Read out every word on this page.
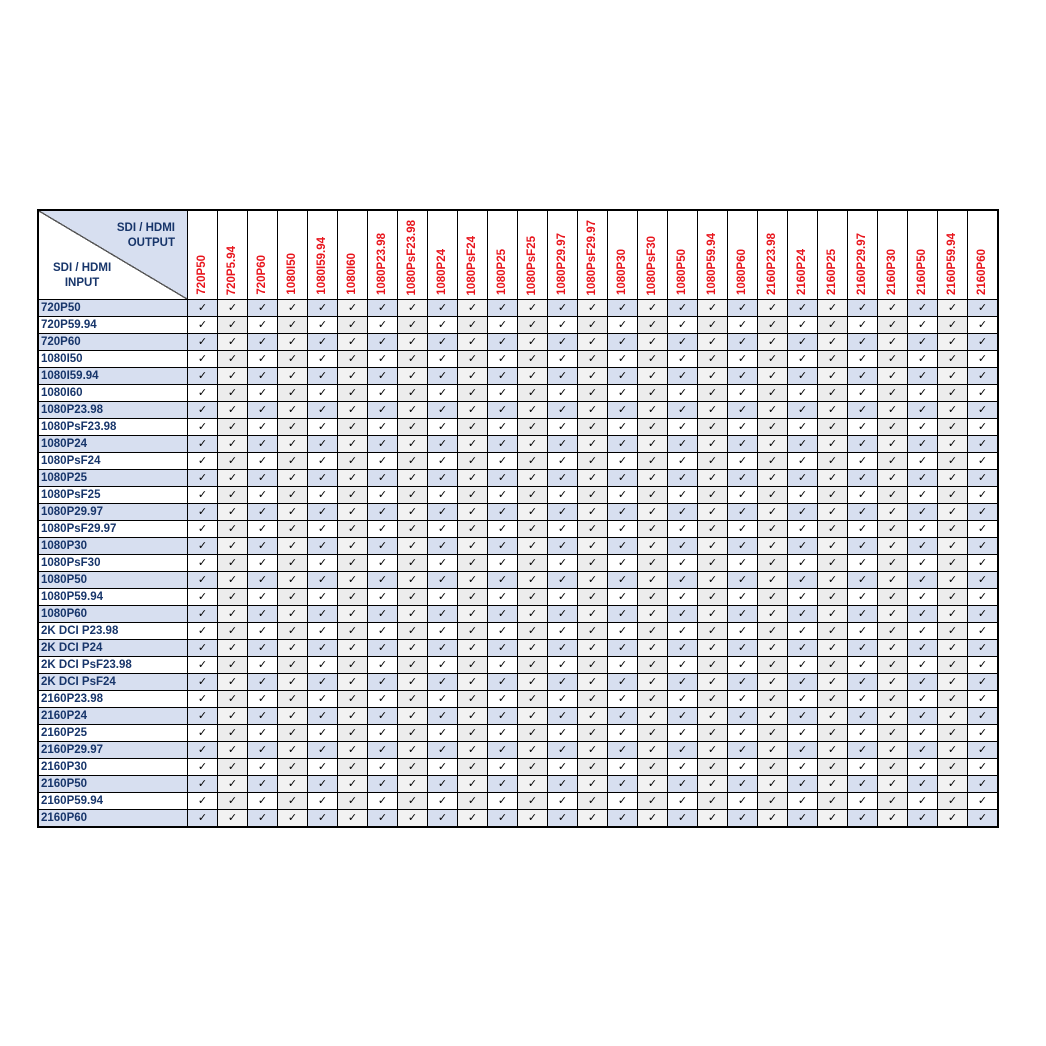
SDI / HDMI
OUTPUT
SDI / HDMI
INPUT	720P50	720P5.94	720P60	1080I50	1080I59.94	1080I60	1080P23.98	1080PsF23.98	1080P24	1080PsF24	1080P25	1080PsF25	1080P29.97	1080PsF29.97	1080P30	1080PsF30	1080P50	1080P59.94	1080P60	2160P23.98	2160P24	2160P25	2160P29.97	2160P30	2160P50	2160P59.94	2160P60

720P50	✓	✓	✓	✓	✓	✓	✓	✓	✓	✓	✓	✓	✓	✓	✓	✓	✓	✓	✓	✓	✓	✓	✓	✓	✓	✓	✓
720P59.94	✓	✓	✓	✓	✓	✓	✓	✓	✓	✓	✓	✓	✓	✓	✓	✓	✓	✓	✓	✓	✓	✓	✓	✓	✓	✓	✓
720P60	✓	✓	✓	✓	✓	✓	✓	✓	✓	✓	✓	✓	✓	✓	✓	✓	✓	✓	✓	✓	✓	✓	✓	✓	✓	✓	✓
1080I50	✓	✓	✓	✓	✓	✓	✓	✓	✓	✓	✓	✓	✓	✓	✓	✓	✓	✓	✓	✓	✓	✓	✓	✓	✓	✓	✓
1080I59.94	✓	✓	✓	✓	✓	✓	✓	✓	✓	✓	✓	✓	✓	✓	✓	✓	✓	✓	✓	✓	✓	✓	✓	✓	✓	✓	✓
1080I60	✓	✓	✓	✓	✓	✓	✓	✓	✓	✓	✓	✓	✓	✓	✓	✓	✓	✓	✓	✓	✓	✓	✓	✓	✓	✓	✓
1080P23.98	✓	✓	✓	✓	✓	✓	✓	✓	✓	✓	✓	✓	✓	✓	✓	✓	✓	✓	✓	✓	✓	✓	✓	✓	✓	✓	✓
1080PsF23.98	✓	✓	✓	✓	✓	✓	✓	✓	✓	✓	✓	✓	✓	✓	✓	✓	✓	✓	✓	✓	✓	✓	✓	✓	✓	✓	✓
1080P24	✓	✓	✓	✓	✓	✓	✓	✓	✓	✓	✓	✓	✓	✓	✓	✓	✓	✓	✓	✓	✓	✓	✓	✓	✓	✓	✓
1080PsF24	✓	✓	✓	✓	✓	✓	✓	✓	✓	✓	✓	✓	✓	✓	✓	✓	✓	✓	✓	✓	✓	✓	✓	✓	✓	✓	✓
1080P25	✓	✓	✓	✓	✓	✓	✓	✓	✓	✓	✓	✓	✓	✓	✓	✓	✓	✓	✓	✓	✓	✓	✓	✓	✓	✓	✓
1080PsF25	✓	✓	✓	✓	✓	✓	✓	✓	✓	✓	✓	✓	✓	✓	✓	✓	✓	✓	✓	✓	✓	✓	✓	✓	✓	✓	✓
1080P29.97	✓	✓	✓	✓	✓	✓	✓	✓	✓	✓	✓	✓	✓	✓	✓	✓	✓	✓	✓	✓	✓	✓	✓	✓	✓	✓	✓
1080PsF29.97	✓	✓	✓	✓	✓	✓	✓	✓	✓	✓	✓	✓	✓	✓	✓	✓	✓	✓	✓	✓	✓	✓	✓	✓	✓	✓	✓
1080P30	✓	✓	✓	✓	✓	✓	✓	✓	✓	✓	✓	✓	✓	✓	✓	✓	✓	✓	✓	✓	✓	✓	✓	✓	✓	✓	✓
1080PsF30	✓	✓	✓	✓	✓	✓	✓	✓	✓	✓	✓	✓	✓	✓	✓	✓	✓	✓	✓	✓	✓	✓	✓	✓	✓	✓	✓
1080P50	✓	✓	✓	✓	✓	✓	✓	✓	✓	✓	✓	✓	✓	✓	✓	✓	✓	✓	✓	✓	✓	✓	✓	✓	✓	✓	✓
1080P59.94	✓	✓	✓	✓	✓	✓	✓	✓	✓	✓	✓	✓	✓	✓	✓	✓	✓	✓	✓	✓	✓	✓	✓	✓	✓	✓	✓
1080P60	✓	✓	✓	✓	✓	✓	✓	✓	✓	✓	✓	✓	✓	✓	✓	✓	✓	✓	✓	✓	✓	✓	✓	✓	✓	✓	✓
2K DCI P23.98	✓	✓	✓	✓	✓	✓	✓	✓	✓	✓	✓	✓	✓	✓	✓	✓	✓	✓	✓	✓	✓	✓	✓	✓	✓	✓	✓
2K DCI P24	✓	✓	✓	✓	✓	✓	✓	✓	✓	✓	✓	✓	✓	✓	✓	✓	✓	✓	✓	✓	✓	✓	✓	✓	✓	✓	✓
2K DCI PsF23.98	✓	✓	✓	✓	✓	✓	✓	✓	✓	✓	✓	✓	✓	✓	✓	✓	✓	✓	✓	✓	✓	✓	✓	✓	✓	✓	✓
2K DCI PsF24	✓	✓	✓	✓	✓	✓	✓	✓	✓	✓	✓	✓	✓	✓	✓	✓	✓	✓	✓	✓	✓	✓	✓	✓	✓	✓	✓
2160P23.98	✓	✓	✓	✓	✓	✓	✓	✓	✓	✓	✓	✓	✓	✓	✓	✓	✓	✓	✓	✓	✓	✓	✓	✓	✓	✓	✓
2160P24	✓	✓	✓	✓	✓	✓	✓	✓	✓	✓	✓	✓	✓	✓	✓	✓	✓	✓	✓	✓	✓	✓	✓	✓	✓	✓	✓
2160P25	✓	✓	✓	✓	✓	✓	✓	✓	✓	✓	✓	✓	✓	✓	✓	✓	✓	✓	✓	✓	✓	✓	✓	✓	✓	✓	✓
2160P29.97	✓	✓	✓	✓	✓	✓	✓	✓	✓	✓	✓	✓	✓	✓	✓	✓	✓	✓	✓	✓	✓	✓	✓	✓	✓	✓	✓
2160P30	✓	✓	✓	✓	✓	✓	✓	✓	✓	✓	✓	✓	✓	✓	✓	✓	✓	✓	✓	✓	✓	✓	✓	✓	✓	✓	✓
2160P50	✓	✓	✓	✓	✓	✓	✓	✓	✓	✓	✓	✓	✓	✓	✓	✓	✓	✓	✓	✓	✓	✓	✓	✓	✓	✓	✓
2160P59.94	✓	✓	✓	✓	✓	✓	✓	✓	✓	✓	✓	✓	✓	✓	✓	✓	✓	✓	✓	✓	✓	✓	✓	✓	✓	✓	✓
2160P60	✓	✓	✓	✓	✓	✓	✓	✓	✓	✓	✓	✓	✓	✓	✓	✓	✓	✓	✓	✓	✓	✓	✓	✓	✓	✓	✓
